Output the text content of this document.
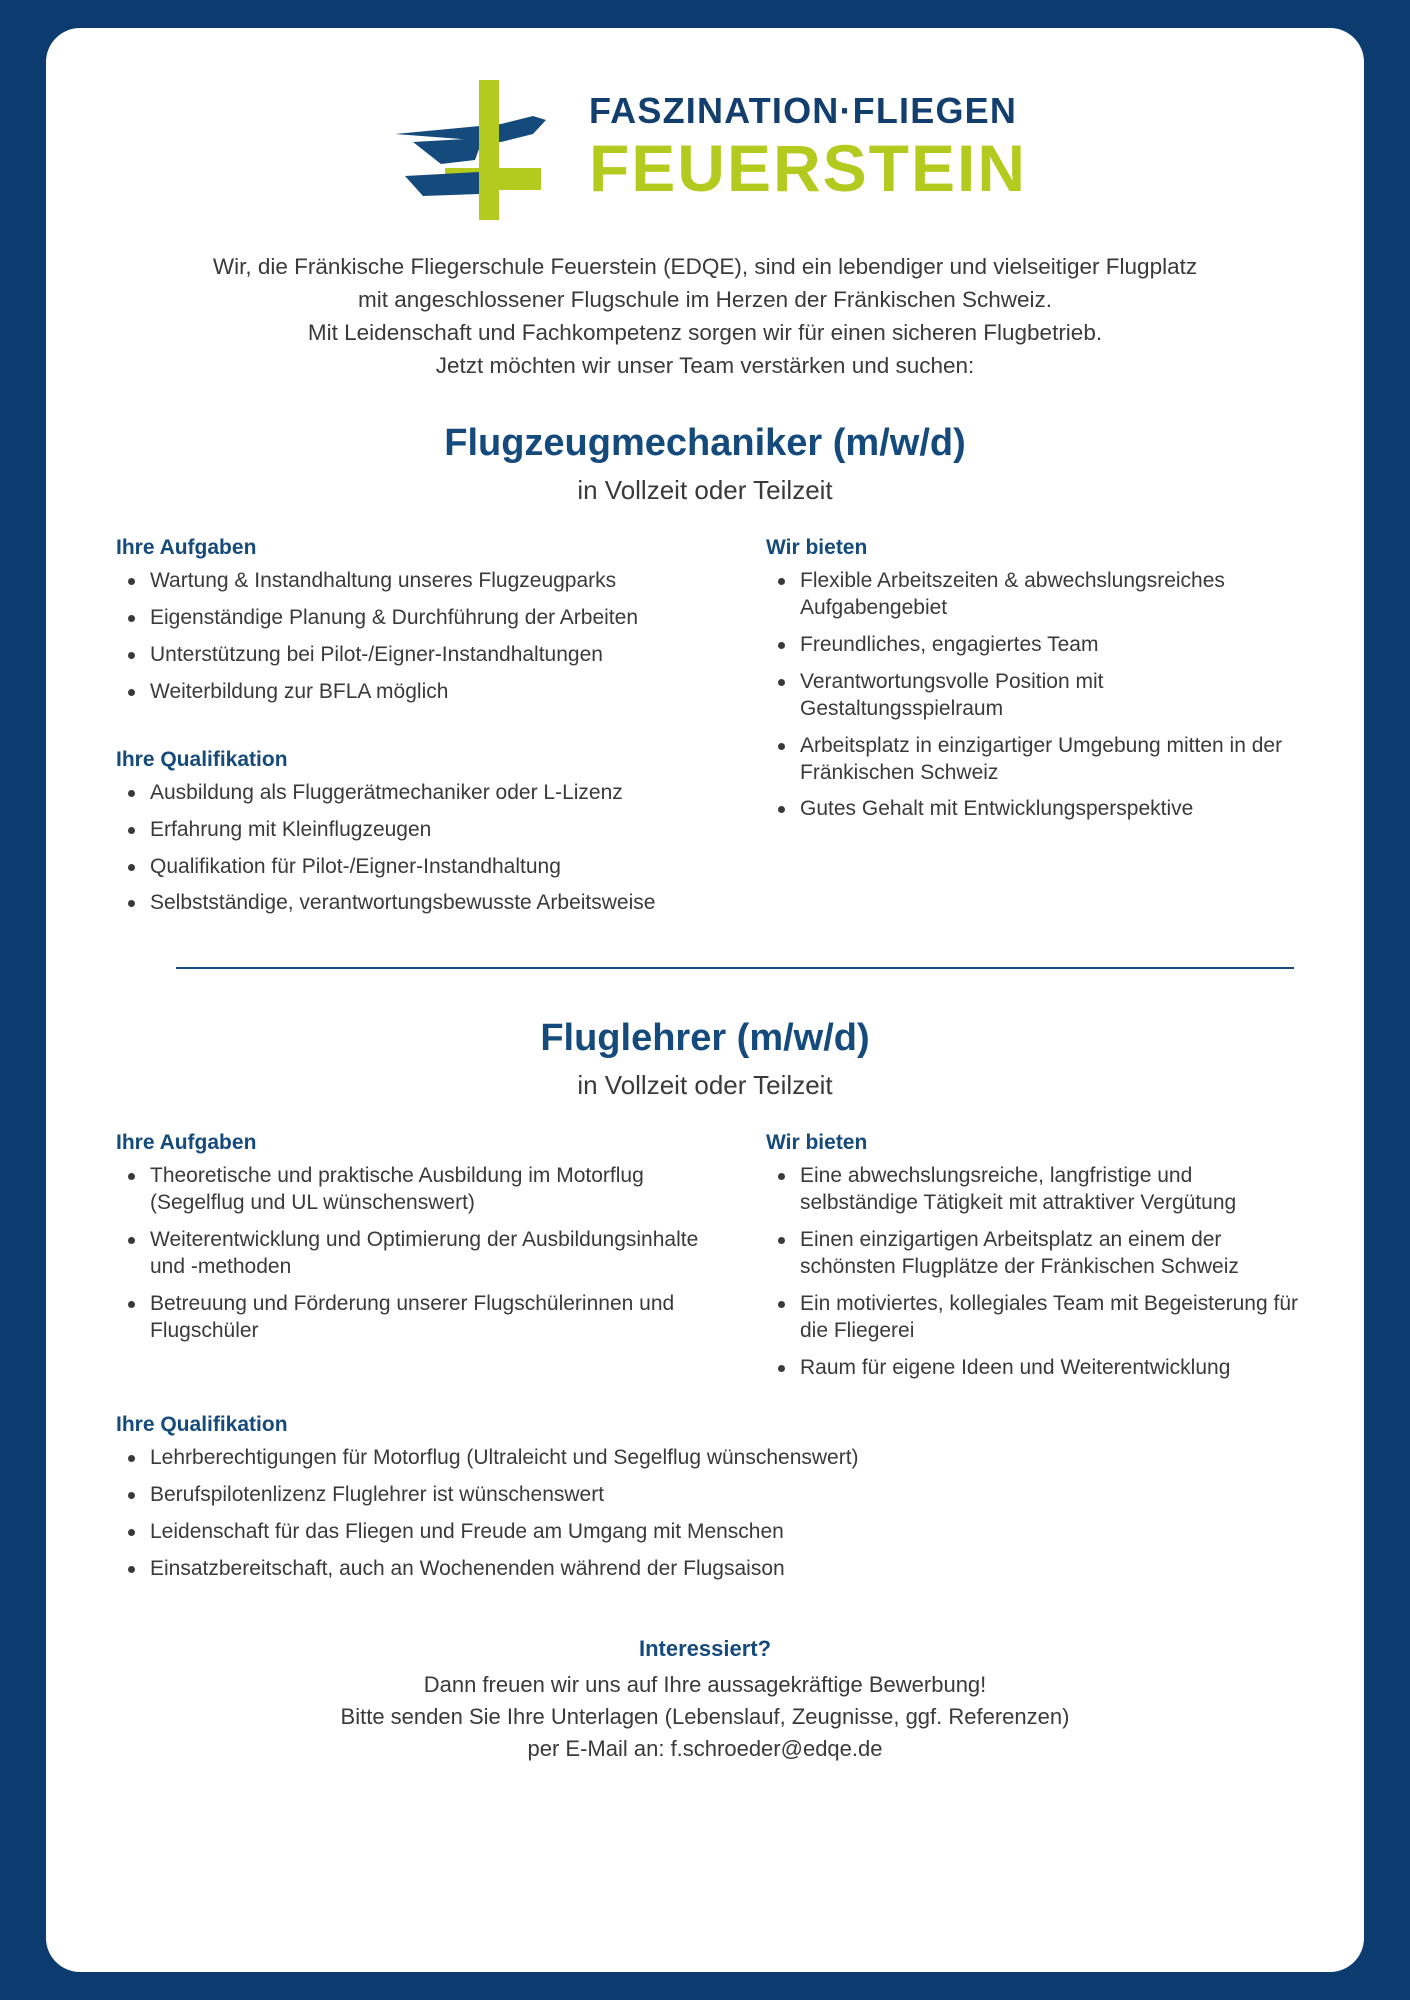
FASZINATION·FLIEGEN
FEUERSTEIN
Wir, die Fränkische Fliegerschule Feuerstein (EDQE), sind ein lebendiger und vielseitiger Flugplatz
mit angeschlossener Flugschule im Herzen der Fränkischen Schweiz.
Mit Leidenschaft und Fachkompetenz sorgen wir für einen sicheren Flugbetrieb.
Jetzt möchten wir unser Team verstärken und suchen:
Flugzeugmechaniker (m/w/d)
in Vollzeit oder Teilzeit
Ihre Aufgaben
Wartung & Instandhaltung unseres Flugzeugparks
Eigenständige Planung & Durchführung der Arbeiten
Unterstützung bei Pilot-/Eigner-Instandhaltungen
Weiterbildung zur BFLA möglich
Ihre Qualifikation
Ausbildung als Fluggerätmechaniker oder L-Lizenz
Erfahrung mit Kleinflugzeugen
Qualifikation für Pilot-/Eigner-Instandhaltung
Selbstständige, verantwortungsbewusste Arbeitsweise
Wir bieten
Flexible Arbeitszeiten & abwechslungsreiches Aufgabengebiet
Freundliches, engagiertes Team
Verantwortungsvolle Position mit Gestaltungsspielraum
Arbeitsplatz in einzigartiger Umgebung mitten in der Fränkischen Schweiz
Gutes Gehalt mit Entwicklungsperspektive
Fluglehrer (m/w/d)
in Vollzeit oder Teilzeit
Ihre Aufgaben
Theoretische und praktische Ausbildung im Motorflug (Segelflug und UL wünschenswert)
Weiterentwicklung und Optimierung der Ausbildungsinhalte und -methoden
Betreuung und Förderung unserer Flugschülerinnen und Flugschüler
Wir bieten
Eine abwechslungsreiche, langfristige und selbständige Tätigkeit mit attraktiver Vergütung
Einen einzigartigen Arbeitsplatz an einem der schönsten Flugplätze der Fränkischen Schweiz
Ein motiviertes, kollegiales Team mit Begeisterung für die Fliegerei
Raum für eigene Ideen und Weiterentwicklung
Ihre Qualifikation
Lehrberechtigungen für Motorflug (Ultraleicht und Segelflug wünschenswert)
Berufspilotenlizenz Fluglehrer ist wünschenswert
Leidenschaft für das Fliegen und Freude am Umgang mit Menschen
Einsatzbereitschaft, auch an Wochenenden während der Flugsaison
Interessiert?
Dann freuen wir uns auf Ihre aussagekräftige Bewerbung!
Bitte senden Sie Ihre Unterlagen (Lebenslauf, Zeugnisse, ggf. Referenzen)
per E-Mail an: f.schroeder@edqe.de
